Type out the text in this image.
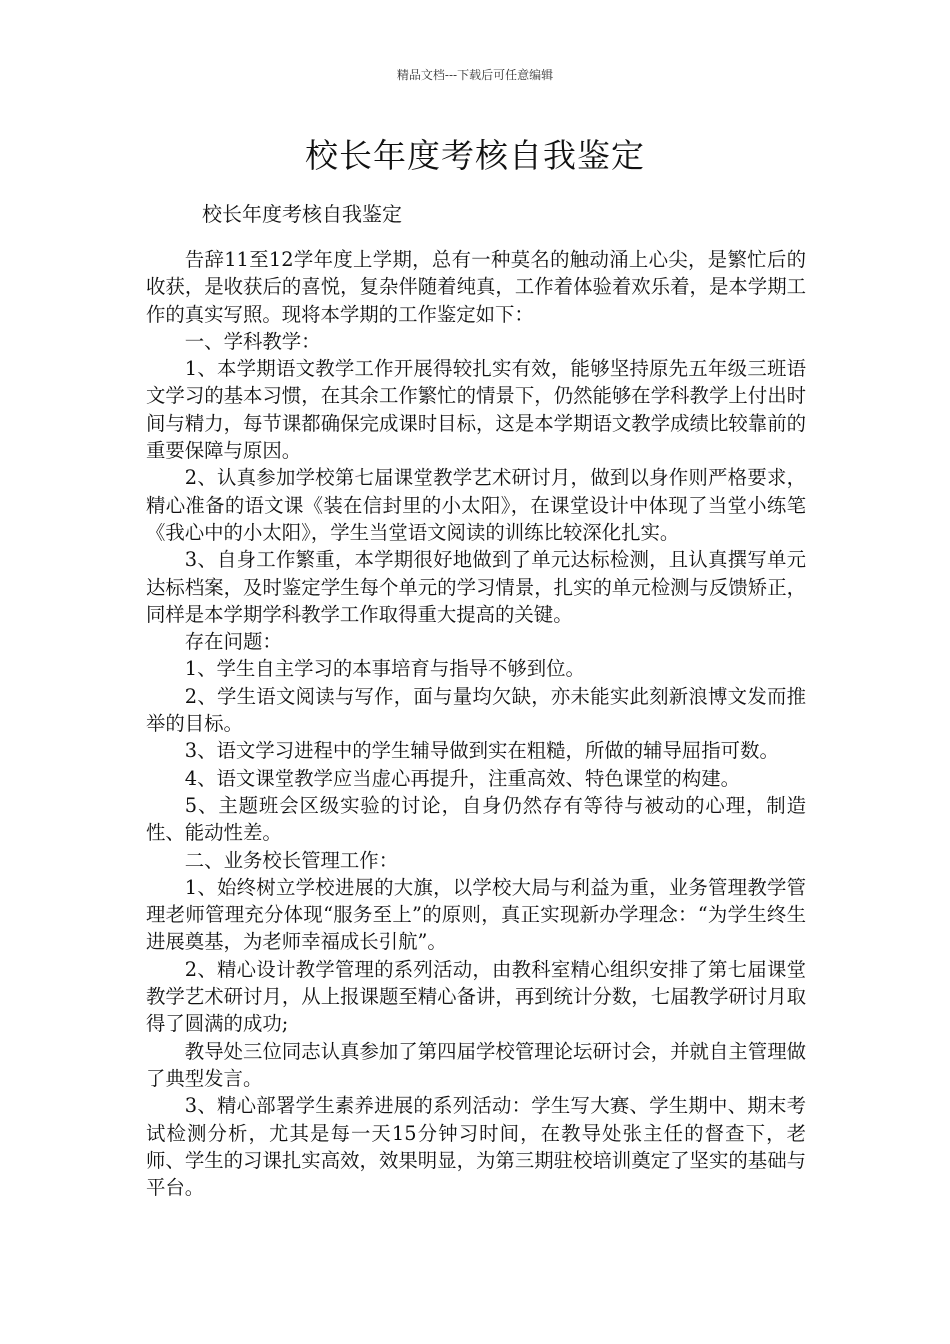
精品文档---下载后可任意编辑
校长年度考核自我鉴定
校长年度考核自我鉴定

告辞11至12学年度上学期，总有一种莫名的触动涌上心尖，是繁忙后的收获，是收获后的喜悦，复杂伴随着纯真，工作着体验着欢乐着，是本学期工作的真实写照。现将本学期的工作鉴定如下：

一、学科教学：

1、本学期语文教学工作开展得较扎实有效，能够坚持原先五年级三班语文学习的基本习惯，在其余工作繁忙的情景下，仍然能够在学科教学上付出时间与精力，每节课都确保完成课时目标，这是本学期语文教学成绩比较靠前的重要保障与原因。

2、认真参加学校第七届课堂教学艺术研讨月，做到以身作则严格要求，精心准备的语文课《装在信封里的小太阳》，在课堂设计中体现了当堂小练笔《我心中的小太阳》，学生当堂语文阅读的训练比较深化扎实。

3、自身工作繁重，本学期很好地做到了单元达标检测，且认真撰写单元达标档案，及时鉴定学生每个单元的学习情景，扎实的单元检测与反馈矫正，同样是本学期学科教学工作取得重大提高的关键。

存在问题：

1、学生自主学习的本事培育与指导不够到位。

2、学生语文阅读与写作，面与量均欠缺，亦未能实此刻新浪博文发而推举的目标。

3、语文学习进程中的学生辅导做到实在粗糙，所做的辅导屈指可数。

4、语文课堂教学应当虚心再提升，注重高效、特色课堂的构建。

5、主题班会区级实验的讨论，自身仍然存有等待与被动的心理，制造性、能动性差。

二、业务校长管理工作：

1、始终树立学校进展的大旗，以学校大局与利益为重，业务管理教学管理老师管理充分体现“服务至上”的原则，真正实现新办学理念：“为学生终生进展奠基，为老师幸福成长引航”。

2、精心设计教学管理的系列活动，由教科室精心组织安排了第七届课堂教学艺术研讨月，从上报课题至精心备讲，再到统计分数，七届教学研讨月取得了圆满的成功;

教导处三位同志认真参加了第四届学校管理论坛研讨会，并就自主管理做了典型发言。

3、精心部署学生素养进展的系列活动：学生写大赛、学生期中、期末考试检测分析，尤其是每一天15分钟习时间，在教导处张主任的督查下，老师、学生的习课扎实高效，效果明显，为第三期驻校培训奠定了坚实的基础与平台。
